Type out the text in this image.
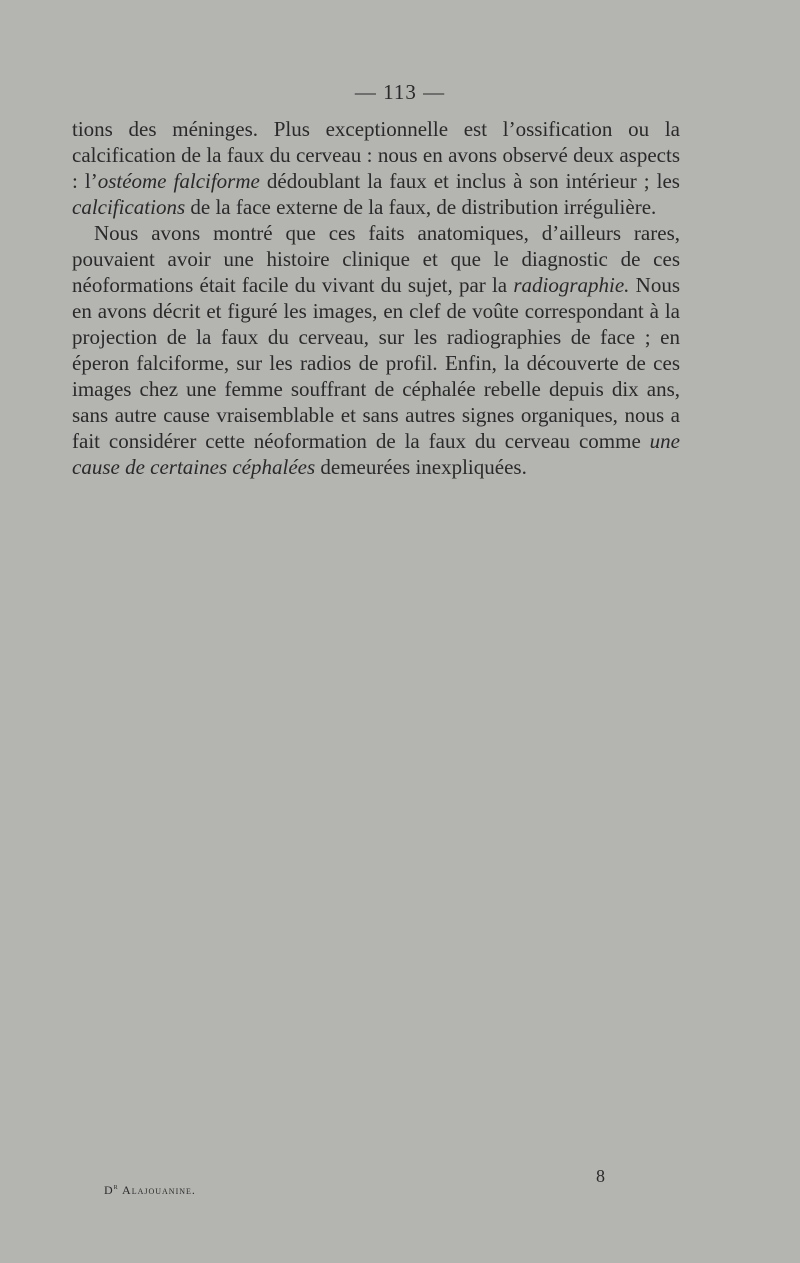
— 113 —

tions des méninges. Plus exceptionnelle est l’ossification ou la calcification de la faux du cerveau : nous en avons observé deux aspects : l’ostéome falciforme dédoublant la faux et inclus à son intérieur ; les calcifications de la face externe de la faux, de distribution irrégulière.

Nous avons montré que ces faits anatomiques, d’ailleurs rares, pouvaient avoir une histoire clinique et que le diagnostic de ces néoformations était facile du vivant du sujet, par la radiographie. Nous en avons décrit et figuré les images, en clef de voûte correspondant à la projection de la faux du cerveau, sur les radiographies de face ; en éperon falciforme, sur les radios de profil. Enfin, la découverte de ces images chez une femme souffrant de céphalée rebelle depuis dix ans, sans autre cause vraisemblable et sans autres signes organiques, nous a fait considérer cette néoformation de la faux du cerveau comme une cause de certaines céphalées demeurées inexpliquées.

$D^r$ Alajouanine.
8
